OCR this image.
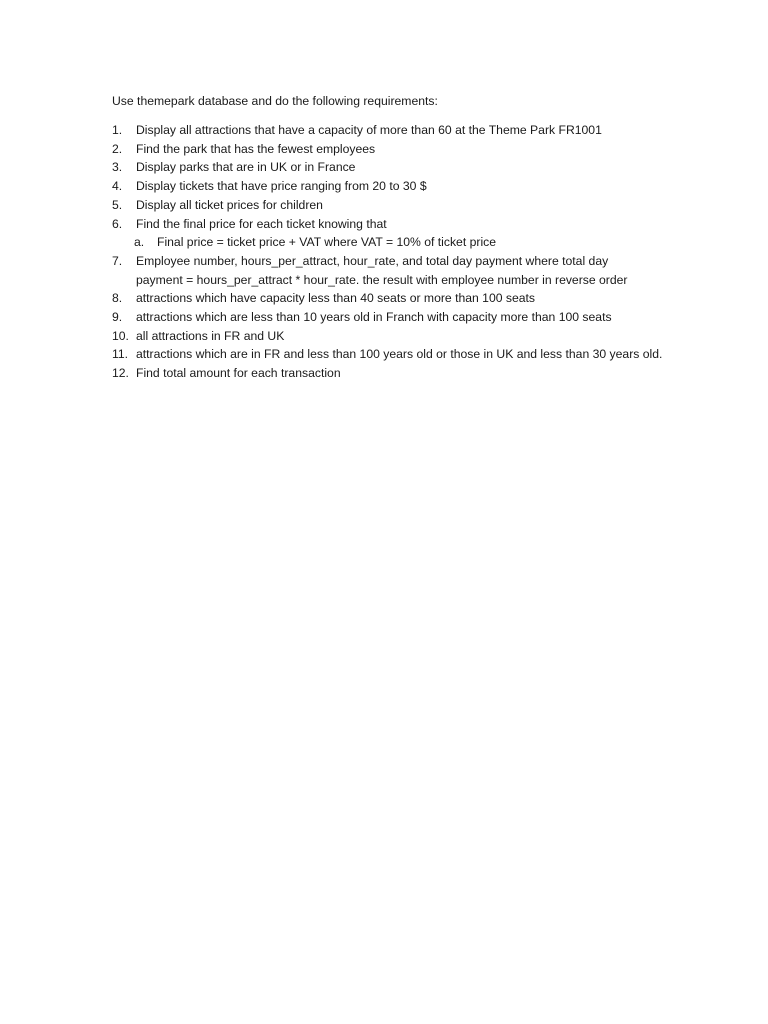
Use themepark database and do the following requirements:
1. Display all attractions that have a capacity of more than 60 at the Theme Park FR1001
2. Find the park that has the fewest employees
3. Display parks that are in UK or in France
4. Display tickets that have price ranging from 20 to 30 $
5. Display all ticket prices for children
6. Find the final price for each ticket knowing that
a. Final price = ticket price + VAT where VAT = 10% of ticket price
7. Employee number, hours_per_attract, hour_rate, and total day payment where total day payment = hours_per_attract * hour_rate. the result with employee number in reverse order
8. attractions which have capacity less than 40 seats or more than 100 seats
9. attractions which are less than 10 years old in Franch with capacity more than 100 seats
10. all attractions in FR and UK
11. attractions which are in FR and less than 100 years old or those in UK and less than 30 years old.
12. Find total amount for each transaction
